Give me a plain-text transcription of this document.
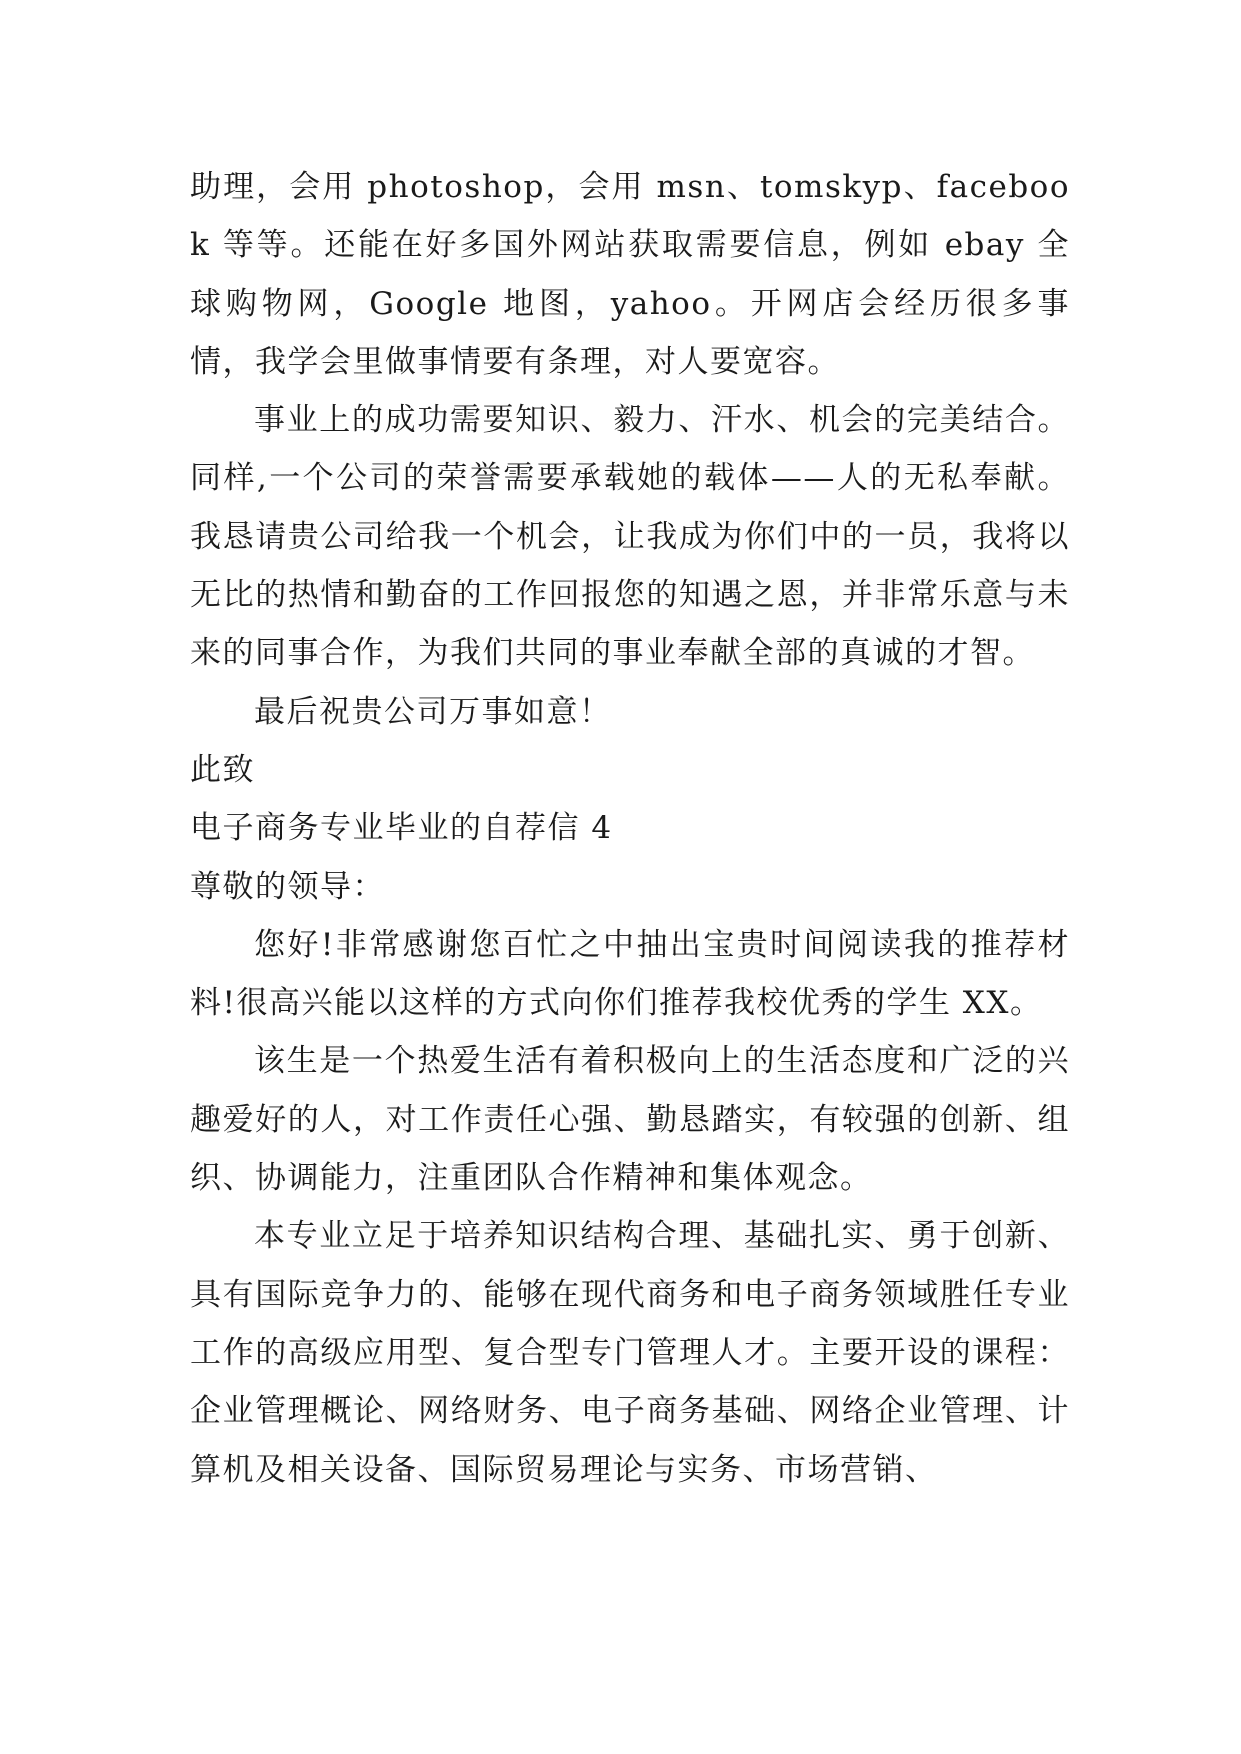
助理，会用 photoshop，会用 msn、tomskyp、facebook 等等。还能在好多国外网站获取需要信息，例如 ebay 全球购物网，Google 地图，yahoo。开网店会经历很多事情，我学会里做事情要有条理，对人要宽容。

事业上的成功需要知识、毅力、汗水、机会的完美结合。同样,一个公司的荣誉需要承载她的载体——人的无私奉献。我恳请贵公司给我一个机会，让我成为你们中的一员，我将以无比的热情和勤奋的工作回报您的知遇之恩，并非常乐意与未来的同事合作，为我们共同的事业奉献全部的真诚的才智。

最后祝贵公司万事如意！

此致

电子商务专业毕业的自荐信 4

尊敬的领导：

您好!非常感谢您百忙之中抽出宝贵时间阅读我的推荐材料!很高兴能以这样的方式向你们推荐我校优秀的学生 XX。

该生是一个热爱生活有着积极向上的生活态度和广泛的兴趣爱好的人，对工作责任心强、勤恳踏实，有较强的创新、组织、协调能力，注重团队合作精神和集体观念。

本专业立足于培养知识结构合理、基础扎实、勇于创新、具有国际竞争力的、能够在现代商务和电子商务领域胜任专业工作的高级应用型、复合型专门管理人才。主要开设的课程：企业管理概论、网络财务、电子商务基础、网络企业管理、计算机及相关设备、国际贸易理论与实务、市场营销、
